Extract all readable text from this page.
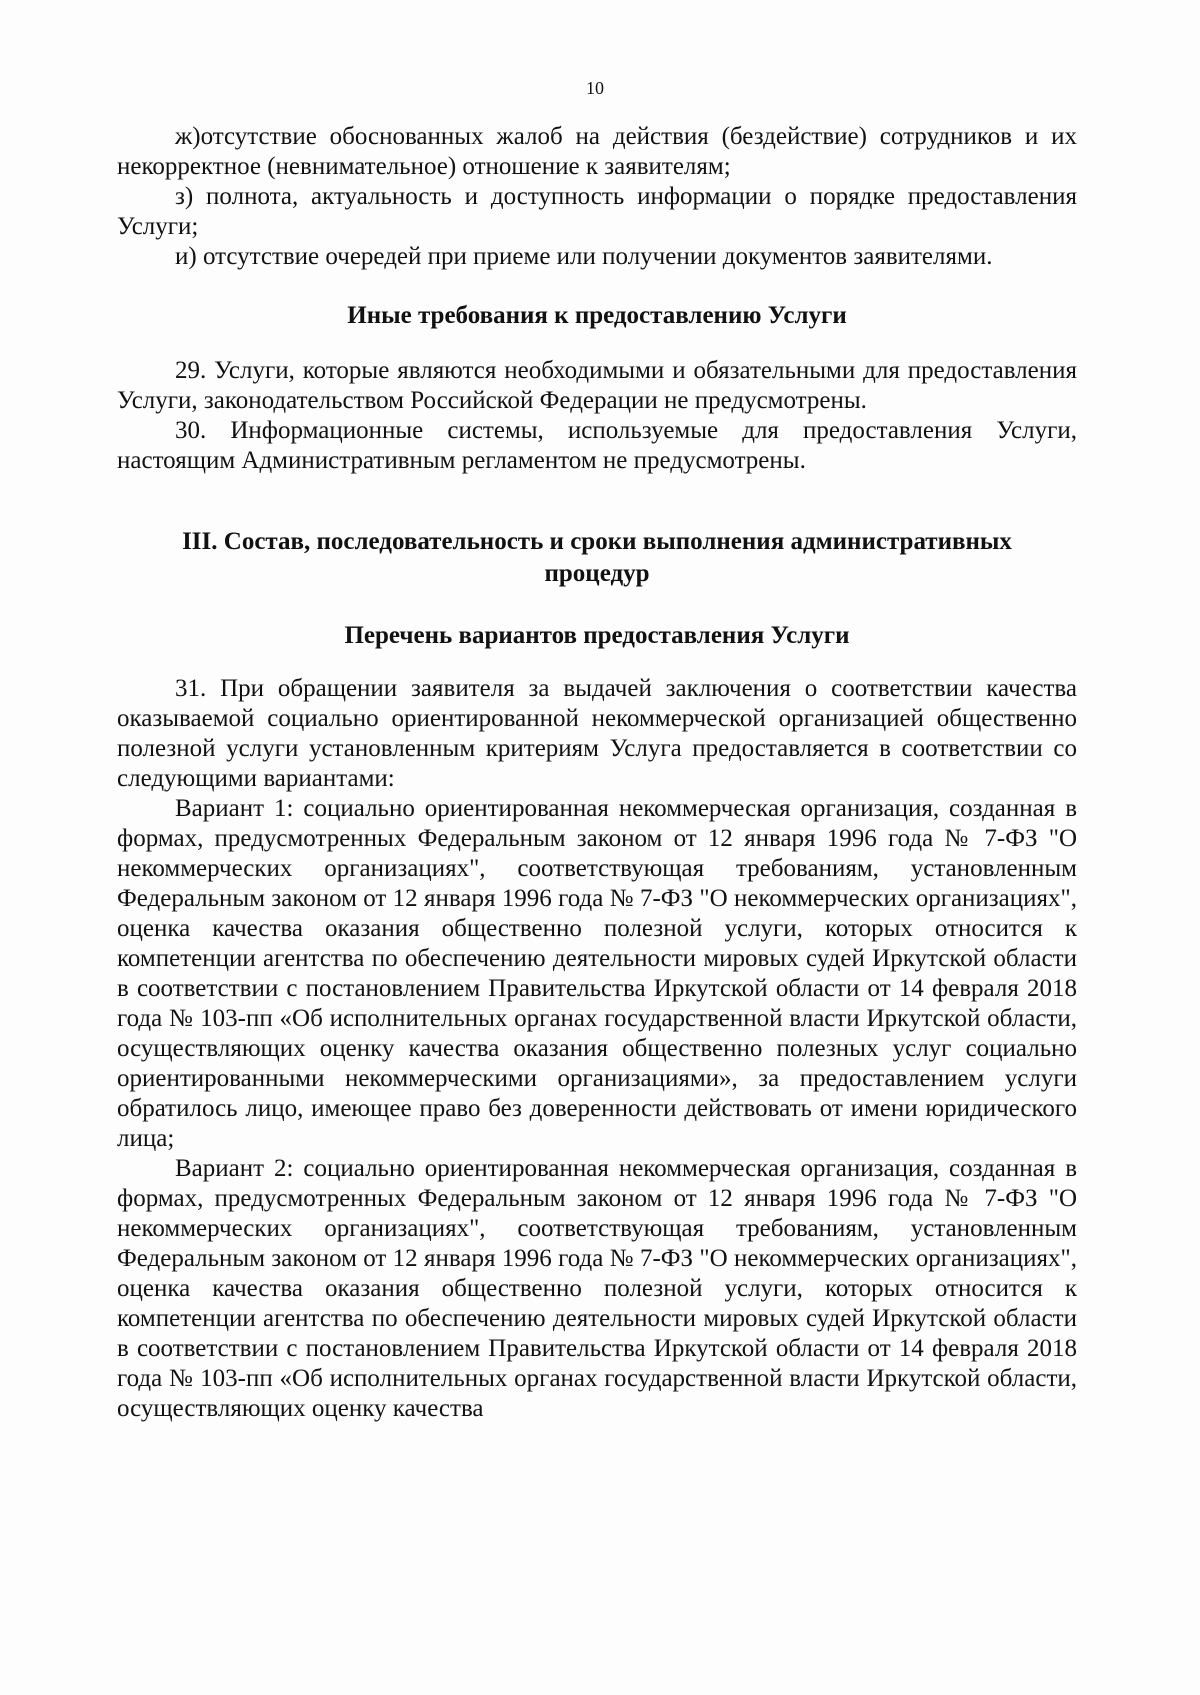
10

ж)отсутствие обоснованных жалоб на действия (бездействие) сотрудников и их некорректное (невнимательное) отношение к заявителям;

з) полнота, актуальность и доступность информации о порядке предоставления Услуги;

и) отсутствие очередей при приеме или получении документов заявителями.

Иные требования к предоставлению Услуги

29. Услуги, которые являются необходимыми и обязательными для предоставления Услуги, законодательством Российской Федерации не предусмотрены.

30. Информационные системы, используемые для предоставления Услуги, настоящим Административным регламентом не предусмотрены.

III. Состав, последовательность и сроки выполнения административных процедур
Перечень вариантов предоставления Услуги

31. При обращении заявителя за выдачей заключения о соответствии качества оказываемой социально ориентированной некоммерческой организацией общественно полезной услуги установленным критериям Услуга предоставляется в соответствии со следующими вариантами:

Вариант 1: социально ориентированная некоммерческая организация, созданная в формах, предусмотренных Федеральным законом от 12 января 1996 года № 7-ФЗ "О некоммерческих организациях", соответствующая требованиям, установленным Федеральным законом от 12 января 1996 года № 7-ФЗ "О некоммерческих организациях", оценка качества оказания общественно полезной услуги, которых относится к компетенции агентства по обеспечению деятельности мировых судей Иркутской области в соответствии с постановлением Правительства Иркутской области от 14 февраля 2018 года № 103-пп «Об исполнительных органах государственной власти Иркутской области, осуществляющих оценку качества оказания общественно полезных услуг социально ориентированными некоммерческими организациями», за предоставлением услуги обратилось лицо, имеющее право без доверенности действовать от имени юридического лица;

Вариант 2: социально ориентированная некоммерческая организация, созданная в формах, предусмотренных Федеральным законом от 12 января 1996 года № 7-ФЗ "О некоммерческих организациях", соответствующая требованиям, установленным Федеральным законом от 12 января 1996 года № 7-ФЗ "О некоммерческих организациях", оценка качества оказания общественно полезной услуги, которых относится к компетенции агентства по обеспечению деятельности мировых судей Иркутской области в соответствии с постановлением Правительства Иркутской области от 14 февраля 2018 года № 103-пп «Об исполнительных органах государственной власти Иркутской области, осуществляющих оценку качества
